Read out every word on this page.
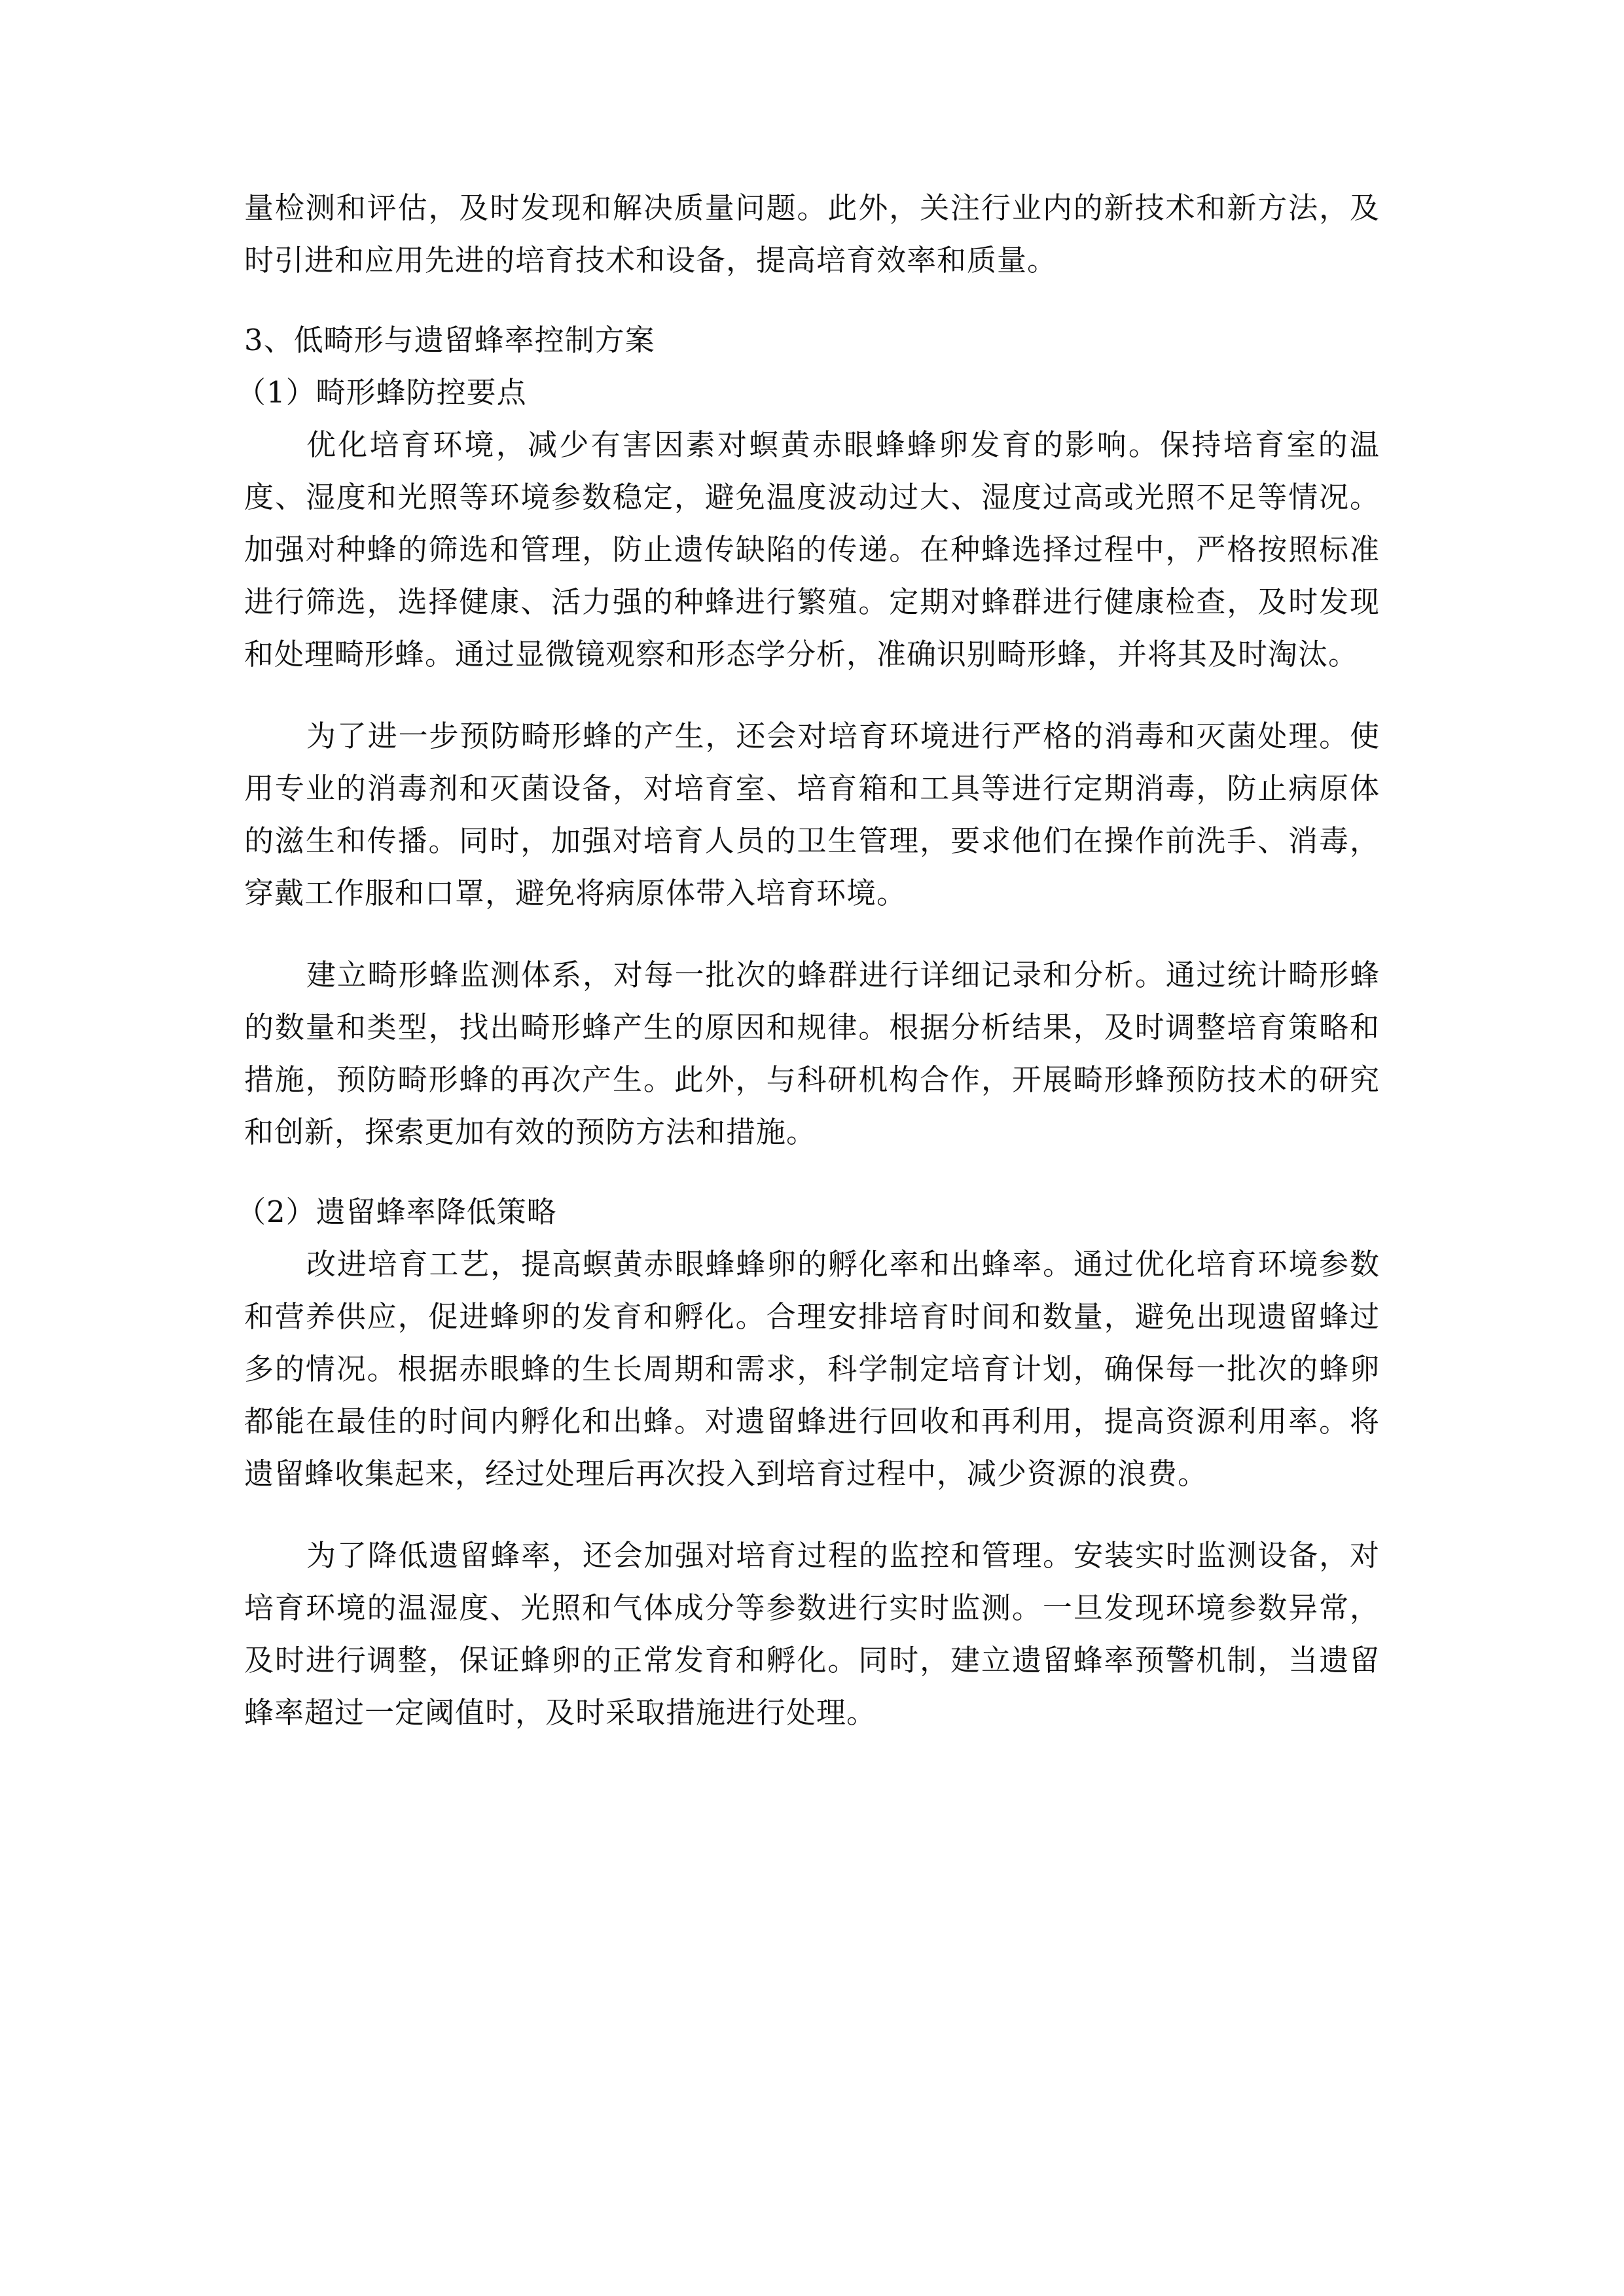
量检测和评估，及时发现和解决质量问题。此外，关注行业内的新技术和新方法，及时引进和应用先进的培育技术和设备，提高培育效率和质量。

3、低畸形与遗留蜂率控制方案

（1）畸形蜂防控要点

优化培育环境，减少有害因素对螟黄赤眼蜂蜂卵发育的影响。保持培育室的温度、湿度和光照等环境参数稳定，避免温度波动过大、湿度过高或光照不足等情况。加强对种蜂的筛选和管理，防止遗传缺陷的传递。在种蜂选择过程中，严格按照标准进行筛选，选择健康、活力强的种蜂进行繁殖。定期对蜂群进行健康检查，及时发现和处理畸形蜂。通过显微镜观察和形态学分析，准确识别畸形蜂，并将其及时淘汰。

为了进一步预防畸形蜂的产生，还会对培育环境进行严格的消毒和灭菌处理。使用专业的消毒剂和灭菌设备，对培育室、培育箱和工具等进行定期消毒，防止病原体的滋生和传播。同时，加强对培育人员的卫生管理，要求他们在操作前洗手、消毒，穿戴工作服和口罩，避免将病原体带入培育环境。

建立畸形蜂监测体系，对每一批次的蜂群进行详细记录和分析。通过统计畸形蜂的数量和类型，找出畸形蜂产生的原因和规律。根据分析结果，及时调整培育策略和措施，预防畸形蜂的再次产生。此外，与科研机构合作，开展畸形蜂预防技术的研究和创新，探索更加有效的预防方法和措施。

（2）遗留蜂率降低策略

改进培育工艺，提高螟黄赤眼蜂蜂卵的孵化率和出蜂率。通过优化培育环境参数和营养供应，促进蜂卵的发育和孵化。合理安排培育时间和数量，避免出现遗留蜂过多的情况。根据赤眼蜂的生长周期和需求，科学制定培育计划，确保每一批次的蜂卵都能在最佳的时间内孵化和出蜂。对遗留蜂进行回收和再利用，提高资源利用率。将遗留蜂收集起来，经过处理后再次投入到培育过程中，减少资源的浪费。

为了降低遗留蜂率，还会加强对培育过程的监控和管理。安装实时监测设备，对培育环境的温湿度、光照和气体成分等参数进行实时监测。一旦发现环境参数异常，及时进行调整，保证蜂卵的正常发育和孵化。同时，建立遗留蜂率预警机制，当遗留蜂率超过一定阈值时，及时采取措施进行处理。
